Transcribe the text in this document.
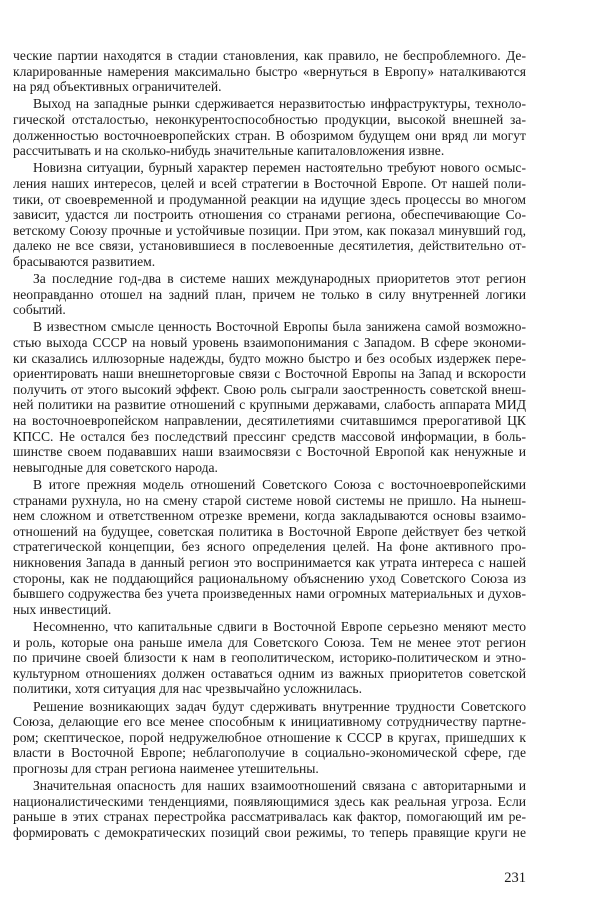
ческие партии находятся в стадии становления, как правило, не беспроблемного. Де-
кларированные намерения максимально быстро «вернуться в Европу» наталкиваются
на ряд объективных ограничителей.
Выход на западные рынки сдерживается неразвитостью инфраструктуры, техноло-
гической отсталостью, неконкурентоспособностью продукции, высокой внешней за-
долженностью восточноевропейских стран. В обозримом будущем они вряд ли могут
рассчитывать и на сколько-нибудь значительные капиталовложения извне.
Новизна ситуации, бурный характер перемен настоятельно требуют нового осмыс-
ления наших интересов, целей и всей стратегии в Восточной Европе. От нашей поли-
тики, от своевременной и продуманной реакции на идущие здесь процессы во многом
зависит, удастся ли построить отношения со странами региона, обеспечивающие Со-
ветскому Союзу прочные и устойчивые позиции. При этом, как показал минувший год,
далеко не все связи, установившиеся в послевоенные десятилетия, действительно от-
брасываются развитием.
За последние год-два в системе наших международных приоритетов этот регион
неоправданно отошел на задний план, причем не только в силу внутренней логики
событий.
В известном смысле ценность Восточной Европы была занижена самой возможно-
стью выхода СССР на новый уровень взаимопонимания с Западом. В сфере экономи-
ки сказались иллюзорные надежды, будто можно быстро и без особых издержек пере-
ориентировать наши внешнеторговые связи с Восточной Европы на Запад и вскорости
получить от этого высокий эффект. Свою роль сыграли заостренность советской внеш-
ней политики на развитие отношений с крупными державами, слабость аппарата МИД
на восточноевропейском направлении, десятилетиями считавшимся прерогативой ЦК
КПСС. Не остался без последствий прессинг средств массовой информации, в боль-
шинстве своем подававших наши взаимосвязи с Восточной Европой как ненужные и
невыгодные для советского народа.
В итоге прежняя модель отношений Советского Союза с восточноевропейскими
странами рухнула, но на смену старой системе новой системы не пришло. На нынеш-
нем сложном и ответственном отрезке времени, когда закладываются основы взаимо-
отношений на будущее, советская политика в Восточной Европе действует без четкой
стратегической концепции, без ясного определения целей. На фоне активного про-
никновения Запада в данный регион это воспринимается как утрата интереса с нашей
стороны, как не поддающийся рациональному объяснению уход Советского Союза из
бывшего содружества без учета произведенных нами огромных материальных и духов-
ных инвестиций.
Несомненно, что капитальные сдвиги в Восточной Европе серьезно меняют место
и роль, которые она раньше имела для Советского Союза. Тем не менее этот регион
по причине своей близости к нам в геополитическом, историко-политическом и этно-
культурном отношениях должен оставаться одним из важных приоритетов советской
политики, хотя ситуация для нас чрезвычайно усложнилась.
Решение возникающих задач будут сдерживать внутренние трудности Советского
Союза, делающие его все менее способным к инициативному сотрудничеству партне-
ром; скептическое, порой недружелюбное отношение к СССР в кругах, пришедших к
власти в Восточной Европе; неблагополучие в социально-экономической сфере, где
прогнозы для стран региона наименее утешительны.
Значительная опасность для наших взаимоотношений связана с авторитарными и
националистическими тенденциями, появляющимися здесь как реальная угроза. Если
раньше в этих странах перестройка рассматривалась как фактор, помогающий им ре-
формировать с демократических позиций свои режимы, то теперь правящие круги не
231
